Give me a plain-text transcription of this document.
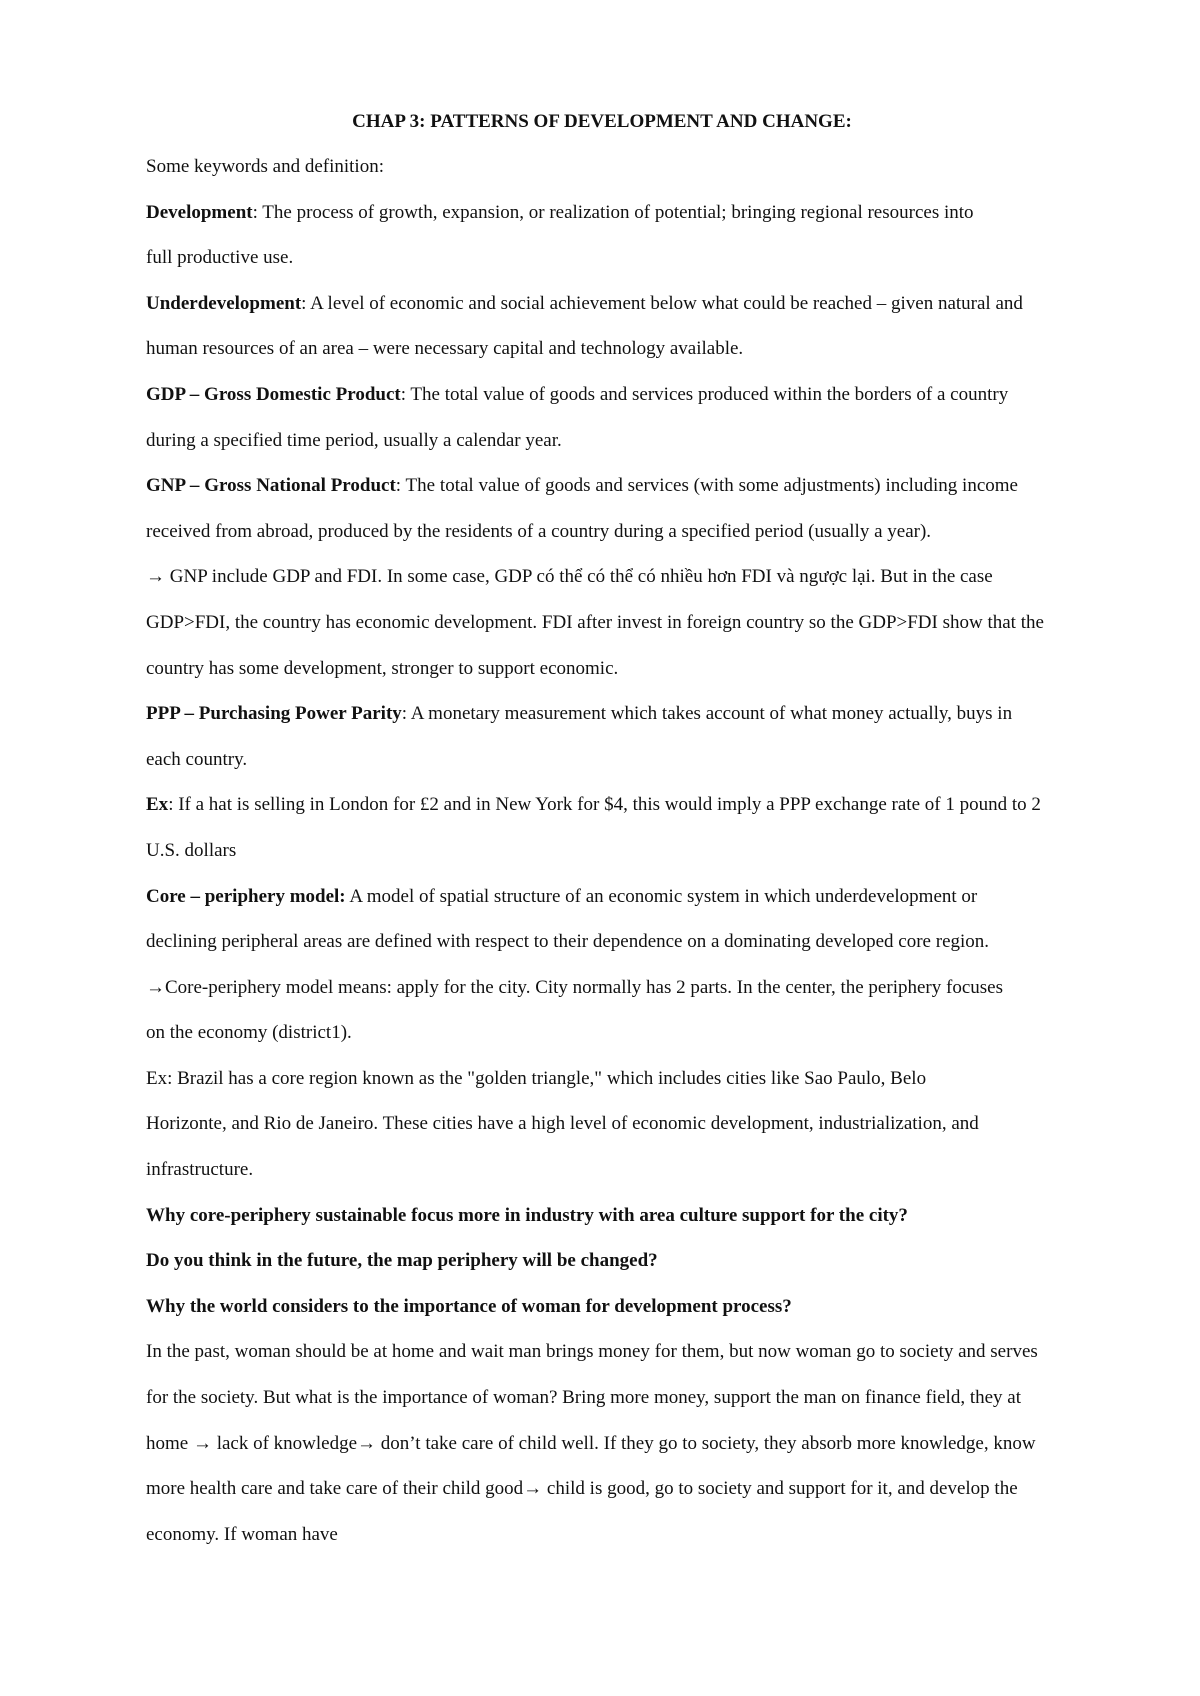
CHAP 3: PATTERNS OF DEVELOPMENT AND CHANGE:

Some keywords and definition:

Development: The process of growth, expansion, or realization of potential; bringing regional resources into full productive use.

Underdevelopment: A level of economic and social achievement below what could be reached – given natural and human resources of an area – were necessary capital and technology available.

GDP – Gross Domestic Product: The total value of goods and services produced within the borders of a country during a specified time period, usually a calendar year.

GNP – Gross National Product: The total value of goods and services (with some adjustments) including income received from abroad, produced by the residents of a country during a specified period (usually a year).

→ GNP include GDP and FDI. In some case, GDP có thể có thể có nhiều hơn FDI và ngược lại. But in the case GDP>FDI, the country has economic development. FDI after invest in foreign country so the GDP>FDI show that the country has some development, stronger to support economic.

PPP – Purchasing Power Parity: A monetary measurement which takes account of what money actually, buys in each country.

Ex: If a hat is selling in London for £2 and in New York for $4, this would imply a PPP exchange rate of 1 pound to 2 U.S. dollars

Core – periphery model: A model of spatial structure of an economic system in which underdevelopment or declining peripheral areas are defined with respect to their dependence on a dominating developed core region.

→Core-periphery model means: apply for the city. City normally has 2 parts. In the center, the periphery focuses on the economy (district1).

Ex: Brazil has a core region known as the "golden triangle," which includes cities like Sao Paulo, Belo Horizonte, and Rio de Janeiro. These cities have a high level of economic development, industrialization, and infrastructure.

Why core-periphery sustainable focus more in industry with area culture support for the city?

Do you think in the future, the map periphery will be changed?

Why the world considers to the importance of woman for development process?

In the past, woman should be at home and wait man brings money for them, but now woman go to society and serves for the society. But what is the importance of woman? Bring more money, support the man on finance field, they at home → lack of knowledge→ don’t take care of child well. If they go to society, they absorb more knowledge, know more health care and take care of their child good→ child is good, go to society and support for it, and develop the economy. If woman have
